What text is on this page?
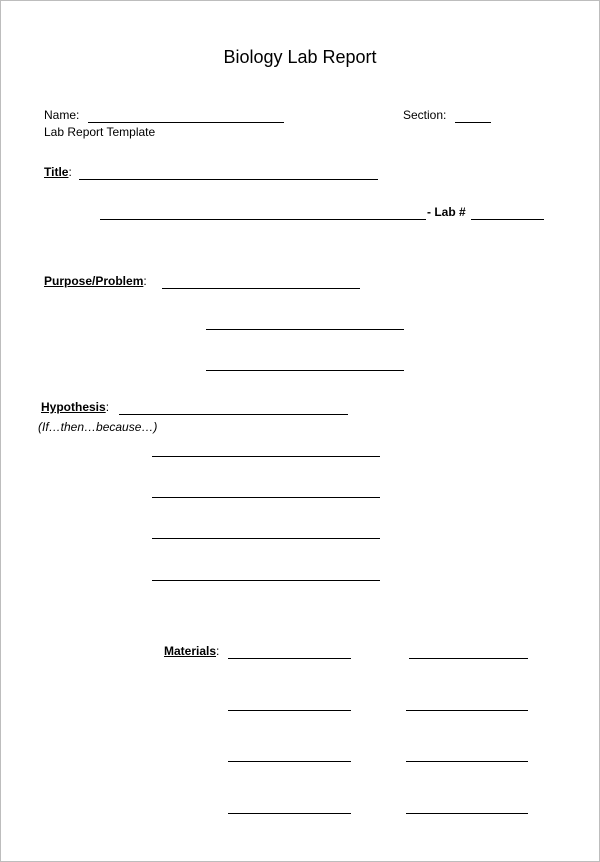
Biology Lab Report
Name:	Section:
Lab Report Template
Title:
- Lab #
Purpose/Problem:
Hypothesis:
(If…then…because…)
Materials:
